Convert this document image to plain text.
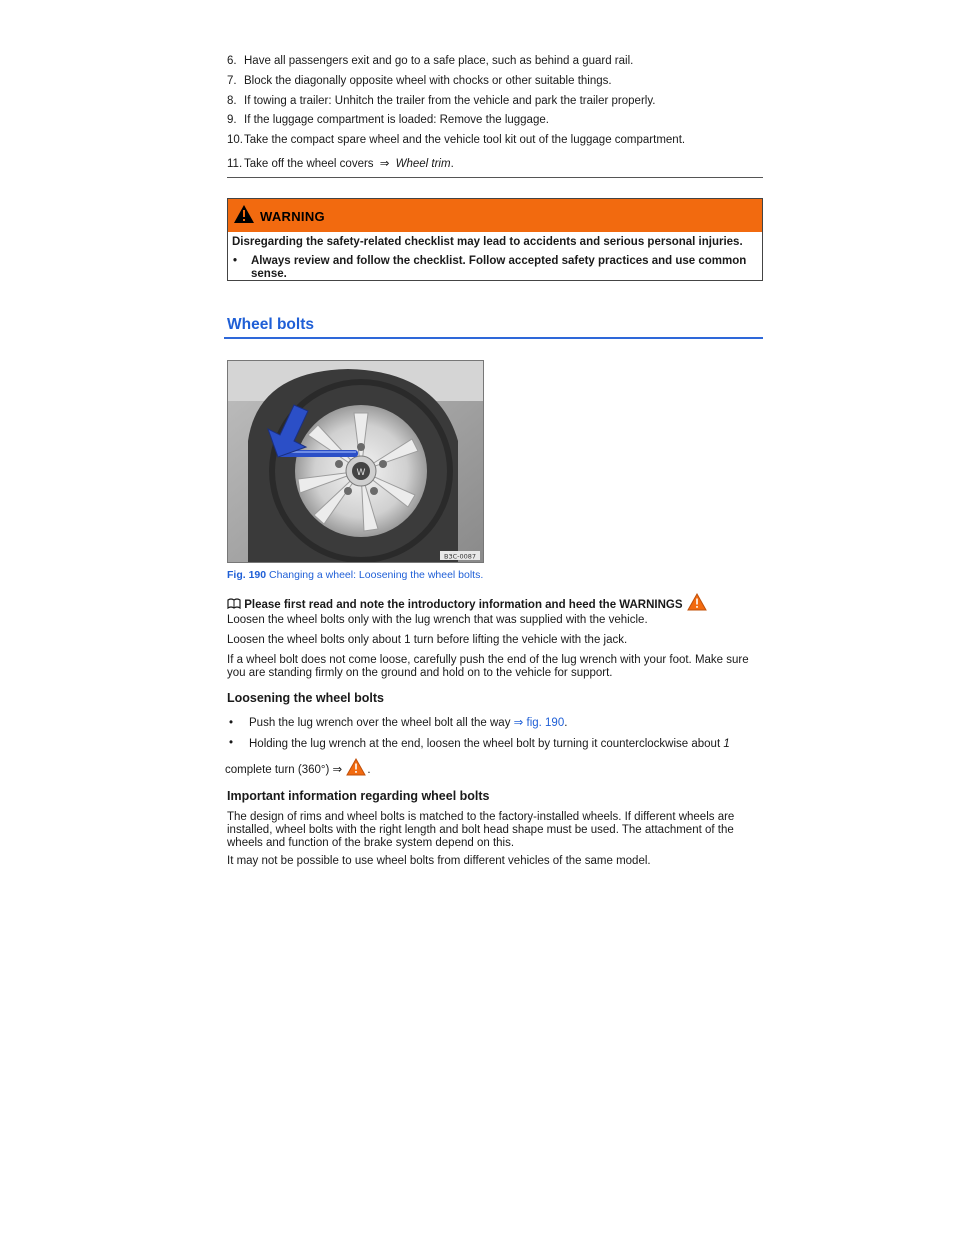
6. Have all passengers exit and go to a safe place, such as behind a guard rail.
7. Block the diagonally opposite wheel with chocks or other suitable things.
8. If towing a trailer: Unhitch the trailer from the vehicle and park the trailer properly.
9. If the luggage compartment is loaded: Remove the luggage.
10.Take the compact spare wheel and the vehicle tool kit out of the luggage compartment.
11. Take off the wheel covers ⇒ Wheel trim.
WARNING

Disregarding the safety-related checklist may lead to accidents and serious personal injuries.

•	Always review and follow the checklist. Follow accepted safety practices and use common sense.
Wheel bolts
W
B3C-0087
Fig. 190 Changing a wheel: Loosening the wheel bolts.
Please first read and note the introductory information and heed the WARNINGS
Loosen the wheel bolts only with the lug wrench that was supplied with the vehicle.
Loosen the wheel bolts only about 1 turn before lifting the vehicle with the jack.
If a wheel bolt does not come loose, carefully push the end of the lug wrench with your foot. Make sure you are standing firmly on the ground and hold on to the vehicle for support.
Loosening the wheel bolts
•	Push the lug wrench over the wheel bolt all the way ⇒ fig. 190.
•	Holding the lug wrench at the end, loosen the wheel bolt by turning it counterclockwise about 1
complete turn (360°) ⇒ .
Important information regarding wheel bolts
The design of rims and wheel bolts is matched to the factory-installed wheels. If different wheels are installed, wheel bolts with the right length and bolt head shape must be used. The attachment of the wheels and function of the brake system depend on this.
It may not be possible to use wheel bolts from different vehicles of the same model.
